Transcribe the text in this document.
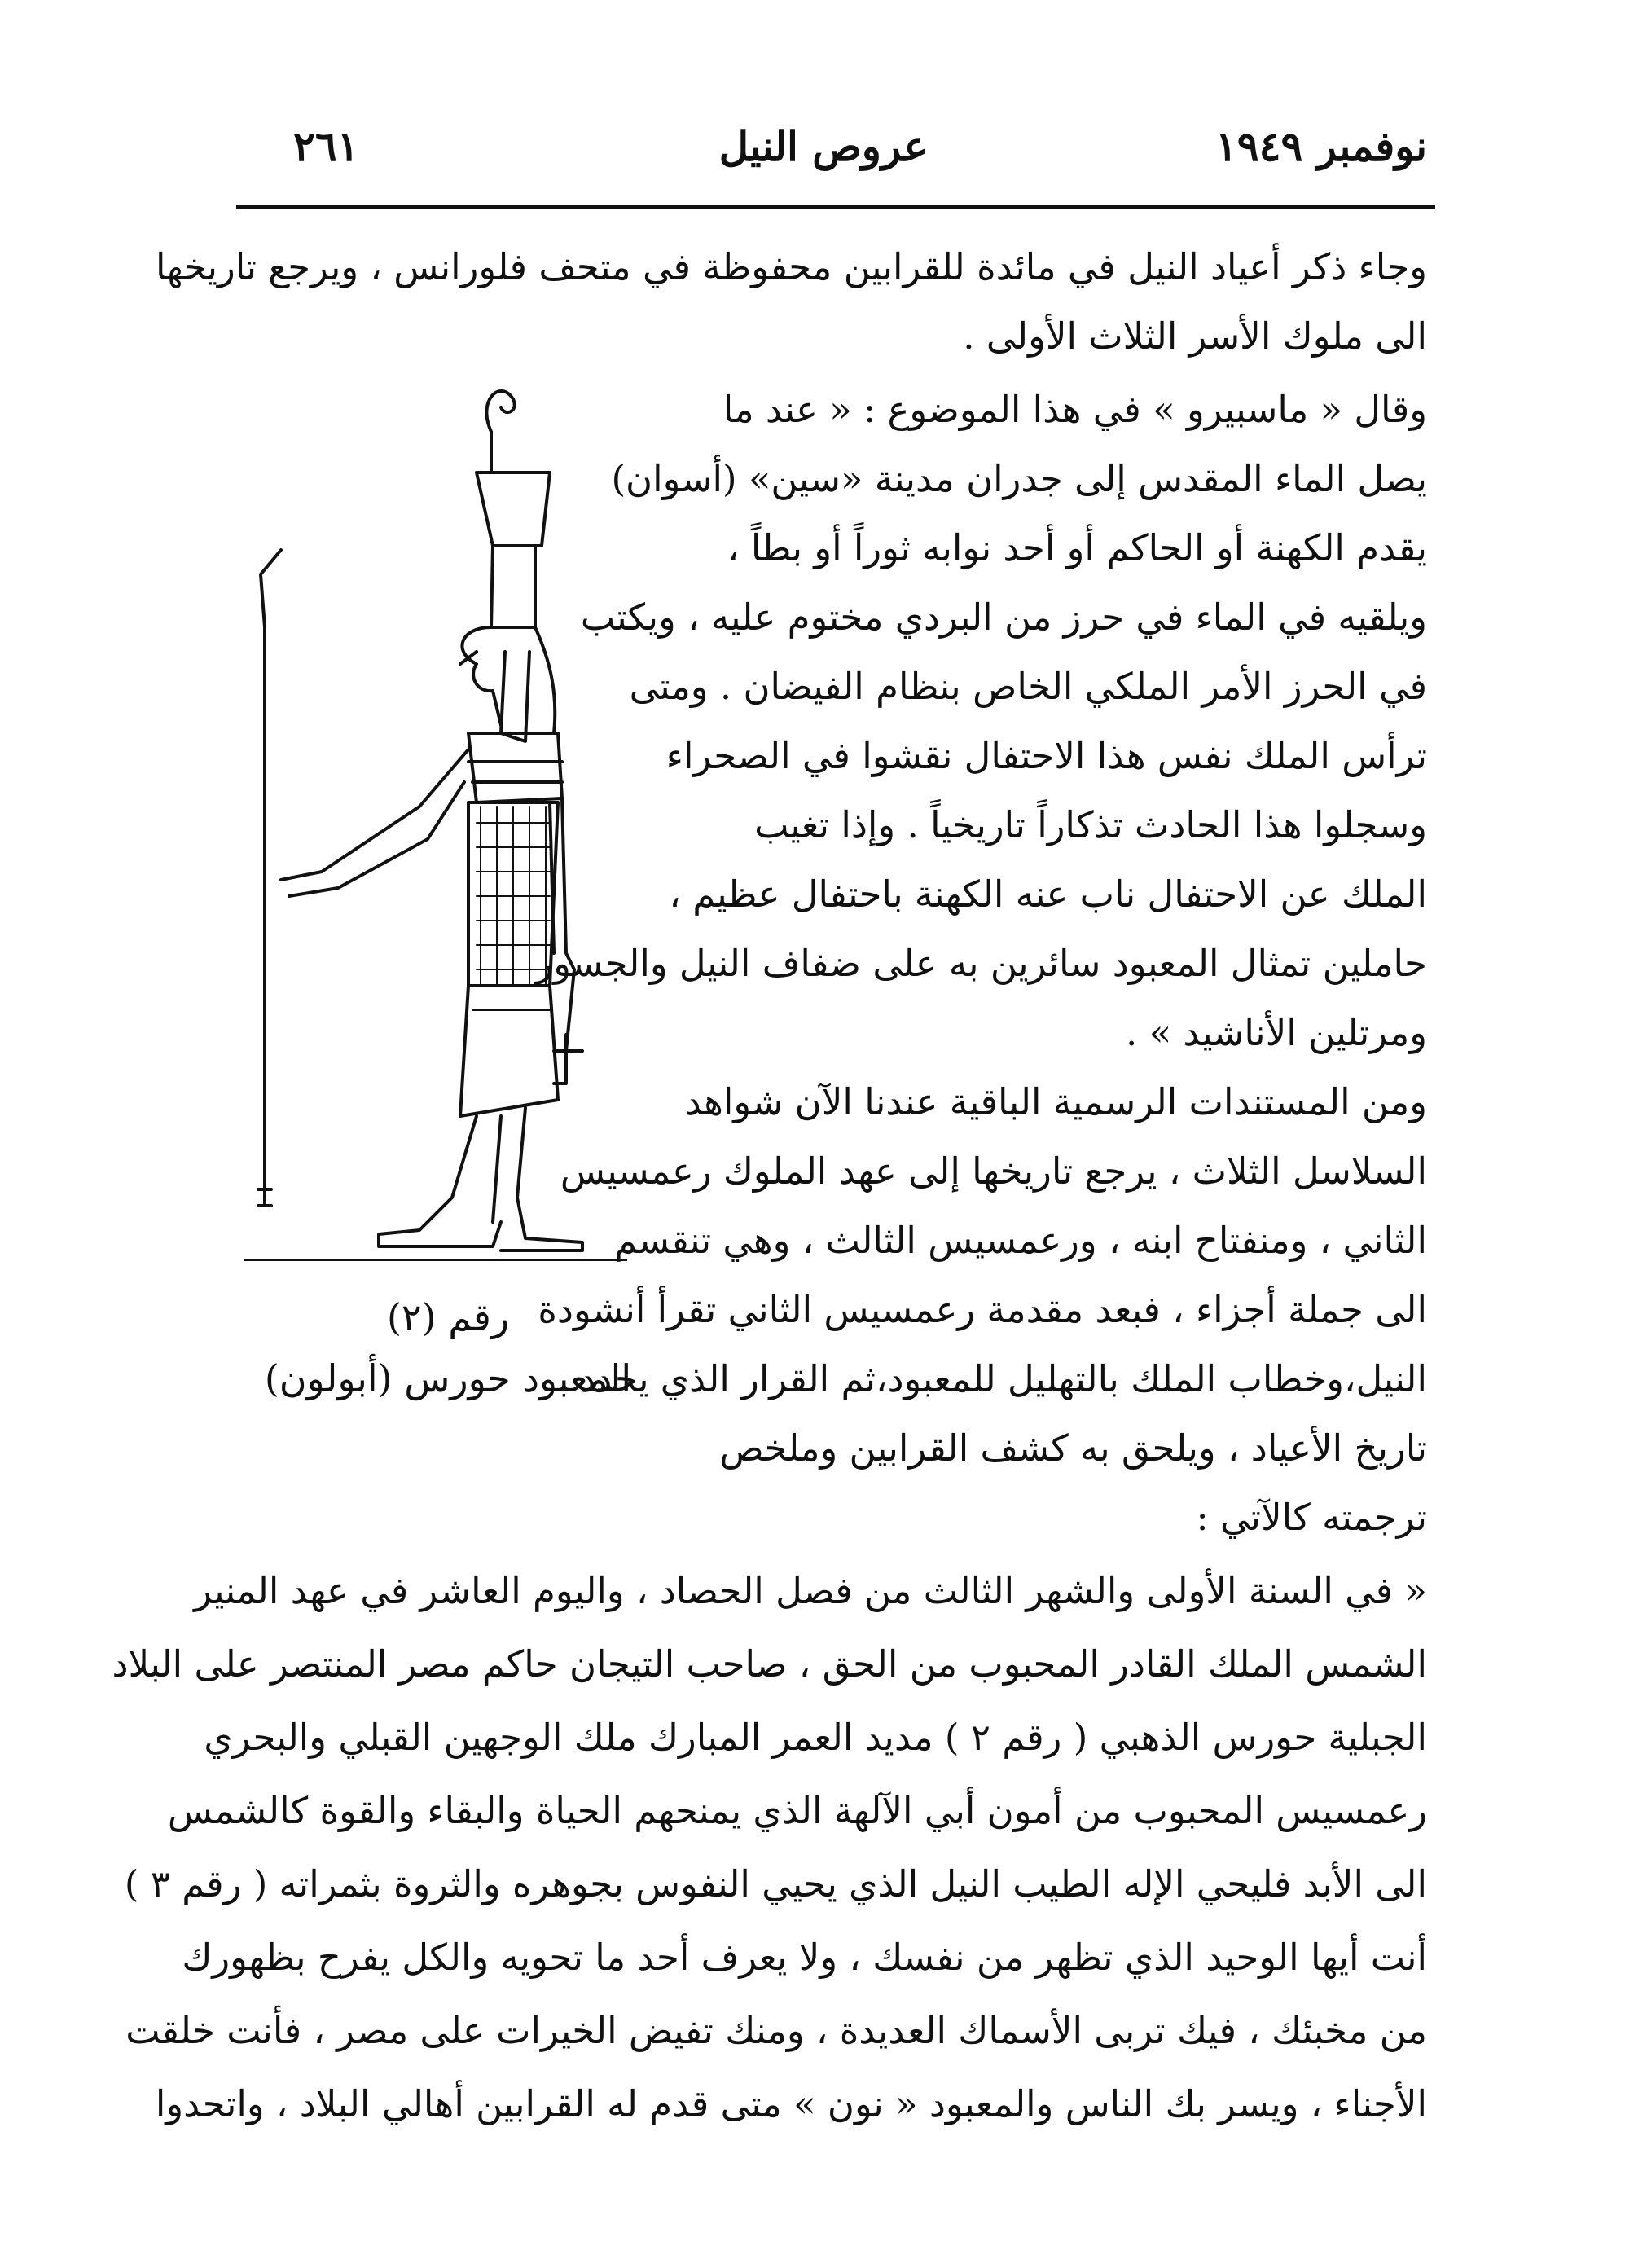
نوفمبر ١٩٤٩
عروص النيل
٢٦١
وجاء ذكر أعياد النيل في مائدة للقرابين محفوظة في متحف فلورانس ، ويرجع تاريخها
الى ملوك الأسر الثلاث الأولى .
وقال « ماسبيرو » في هذا الموضوع : « عند ما
يصل الماء المقدس إلى جدران مدينة «سين» (أسوان)
يقدم الكهنة أو الحاكم أو أحد نوابه ثوراً أو بطاً ،
ويلقيه في الماء في حرز من البردي مختوم عليه ، ويكتب
في الحرز الأمر الملكي الخاص بنظام الفيضان . ومتى
ترأس الملك نفس هذا الاحتفال نقشوا في الصحراء
وسجلوا هذا الحادث تذكاراً تاريخياً . وإذا تغيب
الملك عن الاحتفال ناب عنه الكهنة باحتفال عظيم ،
حاملين تمثال المعبود سائرين به على ضفاف النيل والجسور
ومرتلين الأناشيد » .
ومن المستندات الرسمية الباقية عندنا الآن شواهد
السلاسل الثلاث ، يرجع تاريخها إلى عهد الملوك رعمسيس
الثاني ، ومنفتاح ابنه ، ورعمسيس الثالث ، وهي تنقسم
الى جملة أجزاء ، فبعد مقدمة رعمسيس الثاني تقرأ أنشودة
النيل،وخطاب الملك بالتهليل للمعبود،ثم القرار الذي يحدد
تاريخ الأعياد ، ويلحق به كشف القرابين وملخص
ترجمته كالآتي :
رقم (٢)
المعبود حورس (أبولون)
« في السنة الأولى والشهر الثالث من فصل الحصاد ، واليوم العاشر في عهد المنير
الشمس الملك القادر المحبوب من الحق ، صاحب التيجان حاكم مصر المنتصر على البلاد
الجبلية حورس الذهبي ( رقم ٢ ) مديد العمر المبارك ملك الوجهين القبلي والبحري
رعمسيس المحبوب من أمون أبي الآلهة الذي يمنحهم الحياة والبقاء والقوة كالشمس
الى الأبد فليحي الإله الطيب النيل الذي يحيي النفوس بجوهره والثروة بثمراته ( رقم ٣ )
أنت أيها الوحيد الذي تظهر من نفسك ، ولا يعرف أحد ما تحويه والكل يفرح بظهورك
من مخبئك ، فيك تربى الأسماك العديدة ، ومنك تفيض الخيرات على مصر ، فأنت خلقت
الأجناء ، ويسر بك الناس والمعبود « نون » متى قدم له القرابين أهالي البلاد ، واتحدوا
